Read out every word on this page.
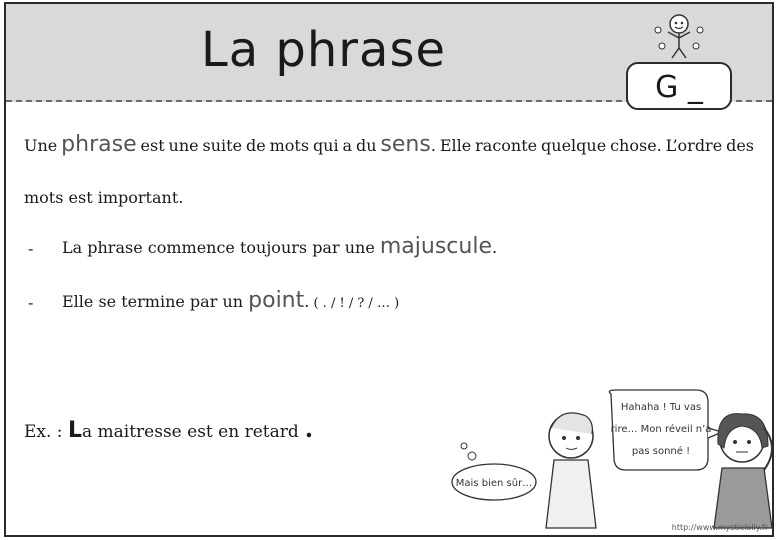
La phrase
G _
Une phrase est une suite de mots qui a du sens. Elle raconte quelque chose. L’ordre des
mots est important.
- La phrase commence toujours par une majuscule.
- Elle se termine par un point. ( . / ! / ? / … )
Ex. : La maitresse est en retard .
Mais bien sûr…
Hahaha ! Tu vas
rire… Mon réveil n’a
pas sonné !
http://www.mysticlolly.fr
